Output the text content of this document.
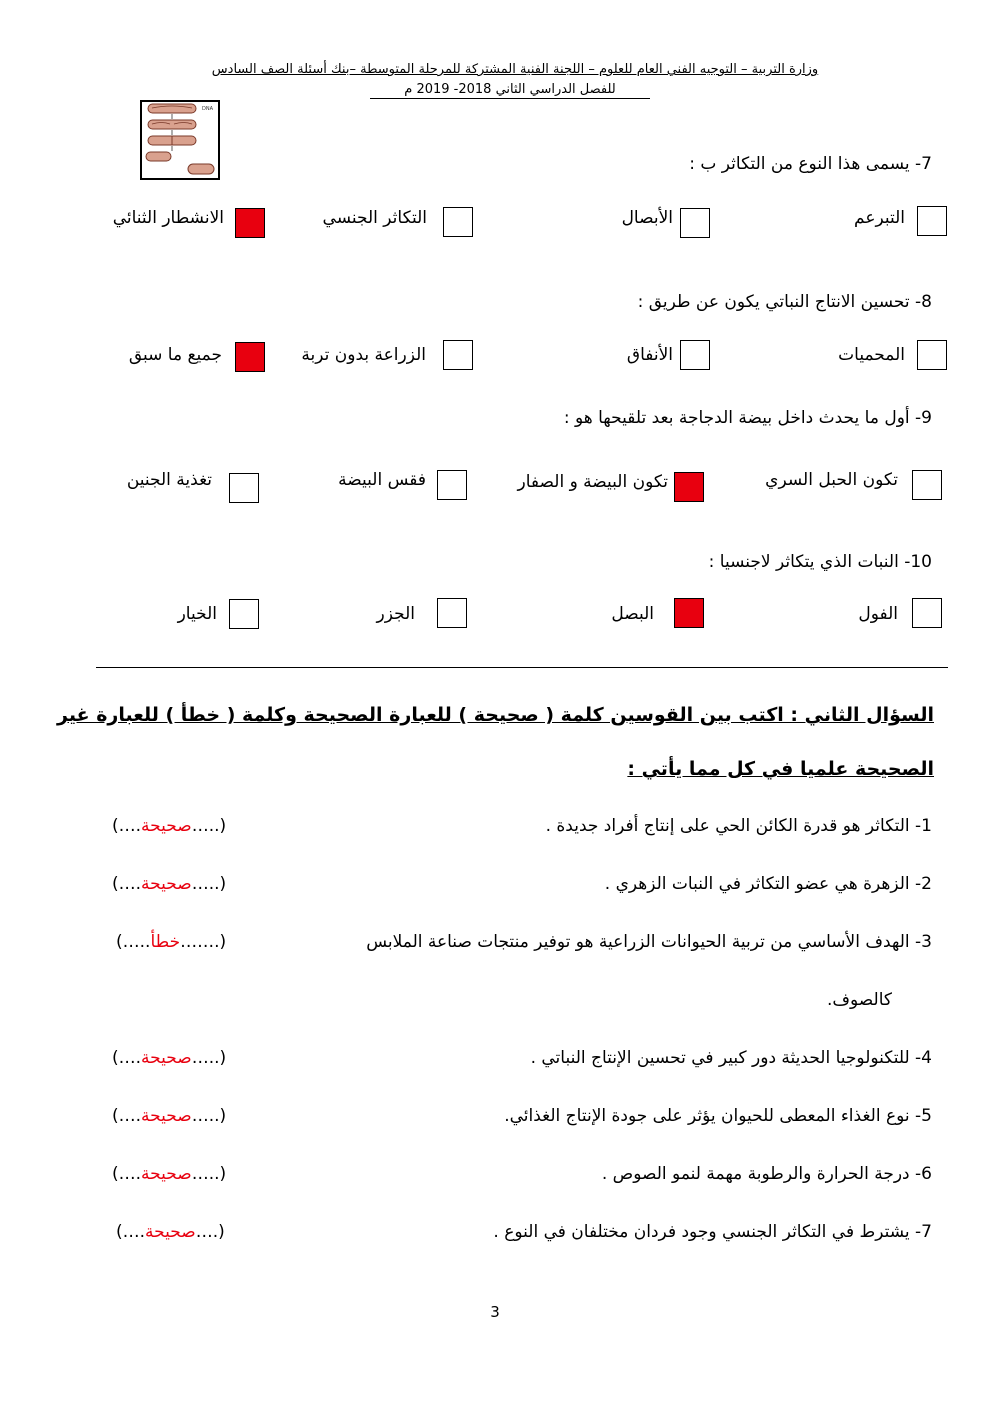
وزارة التربية – التوجيه الفني العام للعلوم – اللجنة الفنية المشتركة للمرحلة المتوسطة –بنك أسئلة الصف السادس
للفصل الدراسي الثاني 2018- 2019 م
DNA
7- يسمى هذا النوع من التكاثر ب :
التبرعم
الأبصال
التكاثر الجنسي
الانشطار الثنائي
8- تحسين الانتاج النباتي يكون عن طريق :
المحميات
الأنفاق
الزراعة بدون تربة
جميع ما سبق
9- أول ما يحدث داخل بيضة الدجاجة بعد تلقيحها هو :
تكون الحبل السري
تكون البيضة و الصفار
فقس البيضة
تغذية الجنين
10- النبات الذي يتكاثر لاجنسيا :
الفول
البصل
الجزر
الخيار
السؤال الثاني : اكتب بين القوسين كلمة ( صحيحة ) للعبارة الصحيحة وكلمة ( خطأ ) للعبارة غير
الصحيحة علميا في كل مما يأتي :
1- التكاثر هو قدرة الكائن الحي على إنتاج أفراد جديدة .
(….صحيحة…..)
2- الزهرة هي عضو التكاثر في النبات الزهري .
(….صحيحة…..)
3- الهدف الأساسي من تربية الحيوانات الزراعية هو توفير منتجات صناعة الملابس
كالصوف.
(…..خطأ…….)
4- للتكنولوجيا الحديثة دور كبير في تحسين الإنتاج النباتي .
(….صحيحة…..)
5- نوع الغذاء المعطى للحيوان يؤثر على جودة الإنتاج الغذائي.
(….صحيحة…..)
6- درجة الحرارة والرطوبة مهمة لنمو الصوص .
(….صحيحة…..)
7- يشترط في التكاثر الجنسي وجود فردان مختلفان في النوع .
(….صحيحة….)
3
